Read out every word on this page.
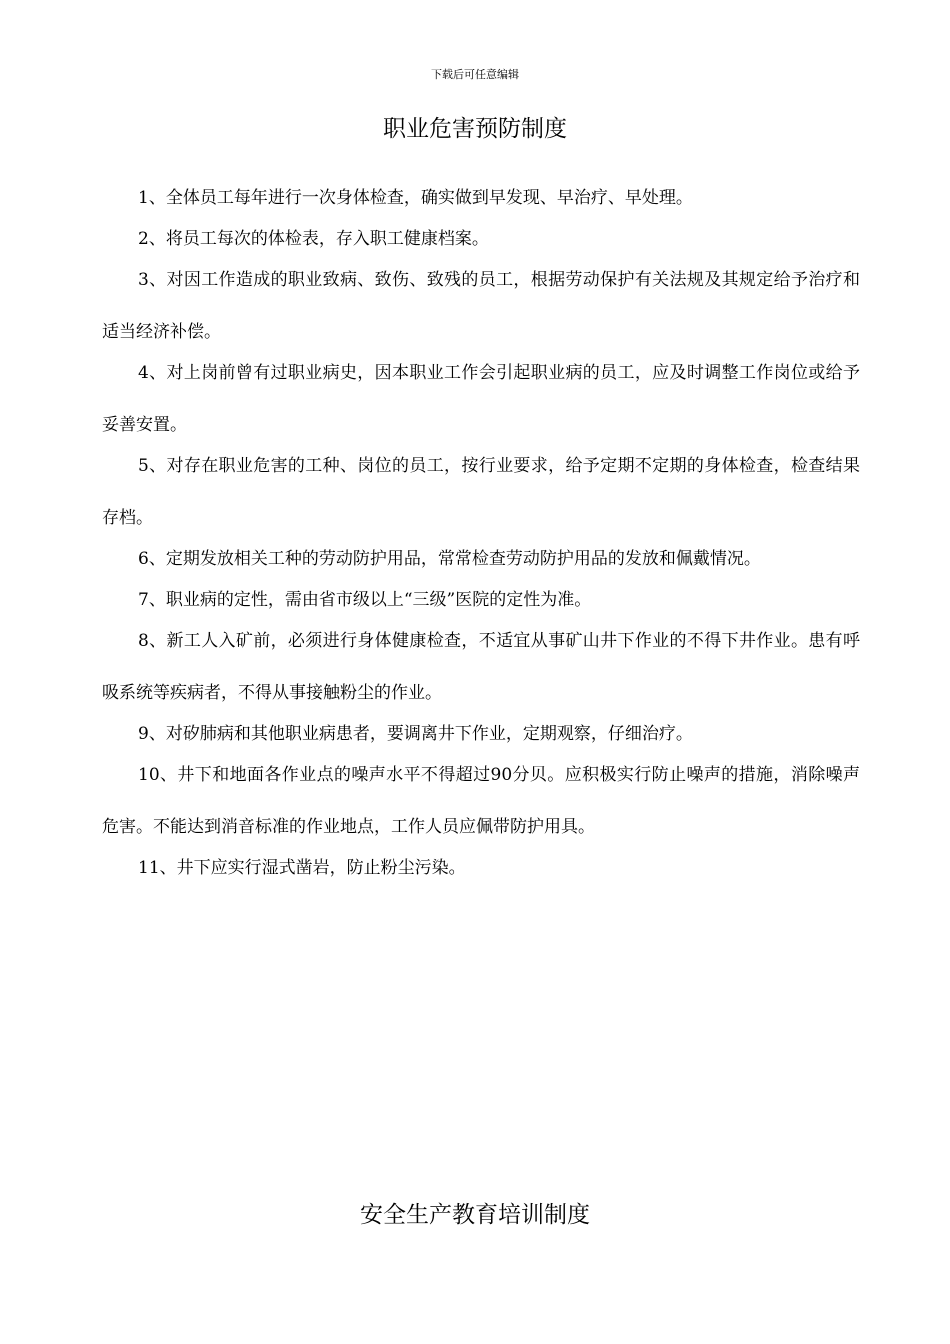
下载后可任意编辑
职业危害预防制度

1、全体员工每年进行一次身体检查，确实做到早发现、早治疗、早处理。

2、将员工每次的体检表，存入职工健康档案。

3、对因工作造成的职业致病、致伤、致残的员工，根据劳动保护有关法规及其规定给予治疗和适当经济补偿。

4、对上岗前曾有过职业病史，因本职业工作会引起职业病的员工，应及时调整工作岗位或给予妥善安置。

5、对存在职业危害的工种、岗位的员工，按行业要求，给予定期不定期的身体检查，检查结果存档。

6、定期发放相关工种的劳动防护用品，常常检查劳动防护用品的发放和佩戴情况。

7、职业病的定性，需由省市级以上“三级”医院的定性为准。

8、新工人入矿前，必须进行身体健康检查，不适宜从事矿山井下作业的不得下井作业。患有呼吸系统等疾病者，不得从事接触粉尘的作业。

9、对矽肺病和其他职业病患者，要调离井下作业，定期观察，仔细治疗。

10、井下和地面各作业点的噪声水平不得超过90分贝。应积极实行防止噪声的措施，消除噪声危害。不能达到消音标准的作业地点，工作人员应佩带防护用具。

11、井下应实行湿式凿岩，防止粉尘污染。

安全生产教育培训制度
